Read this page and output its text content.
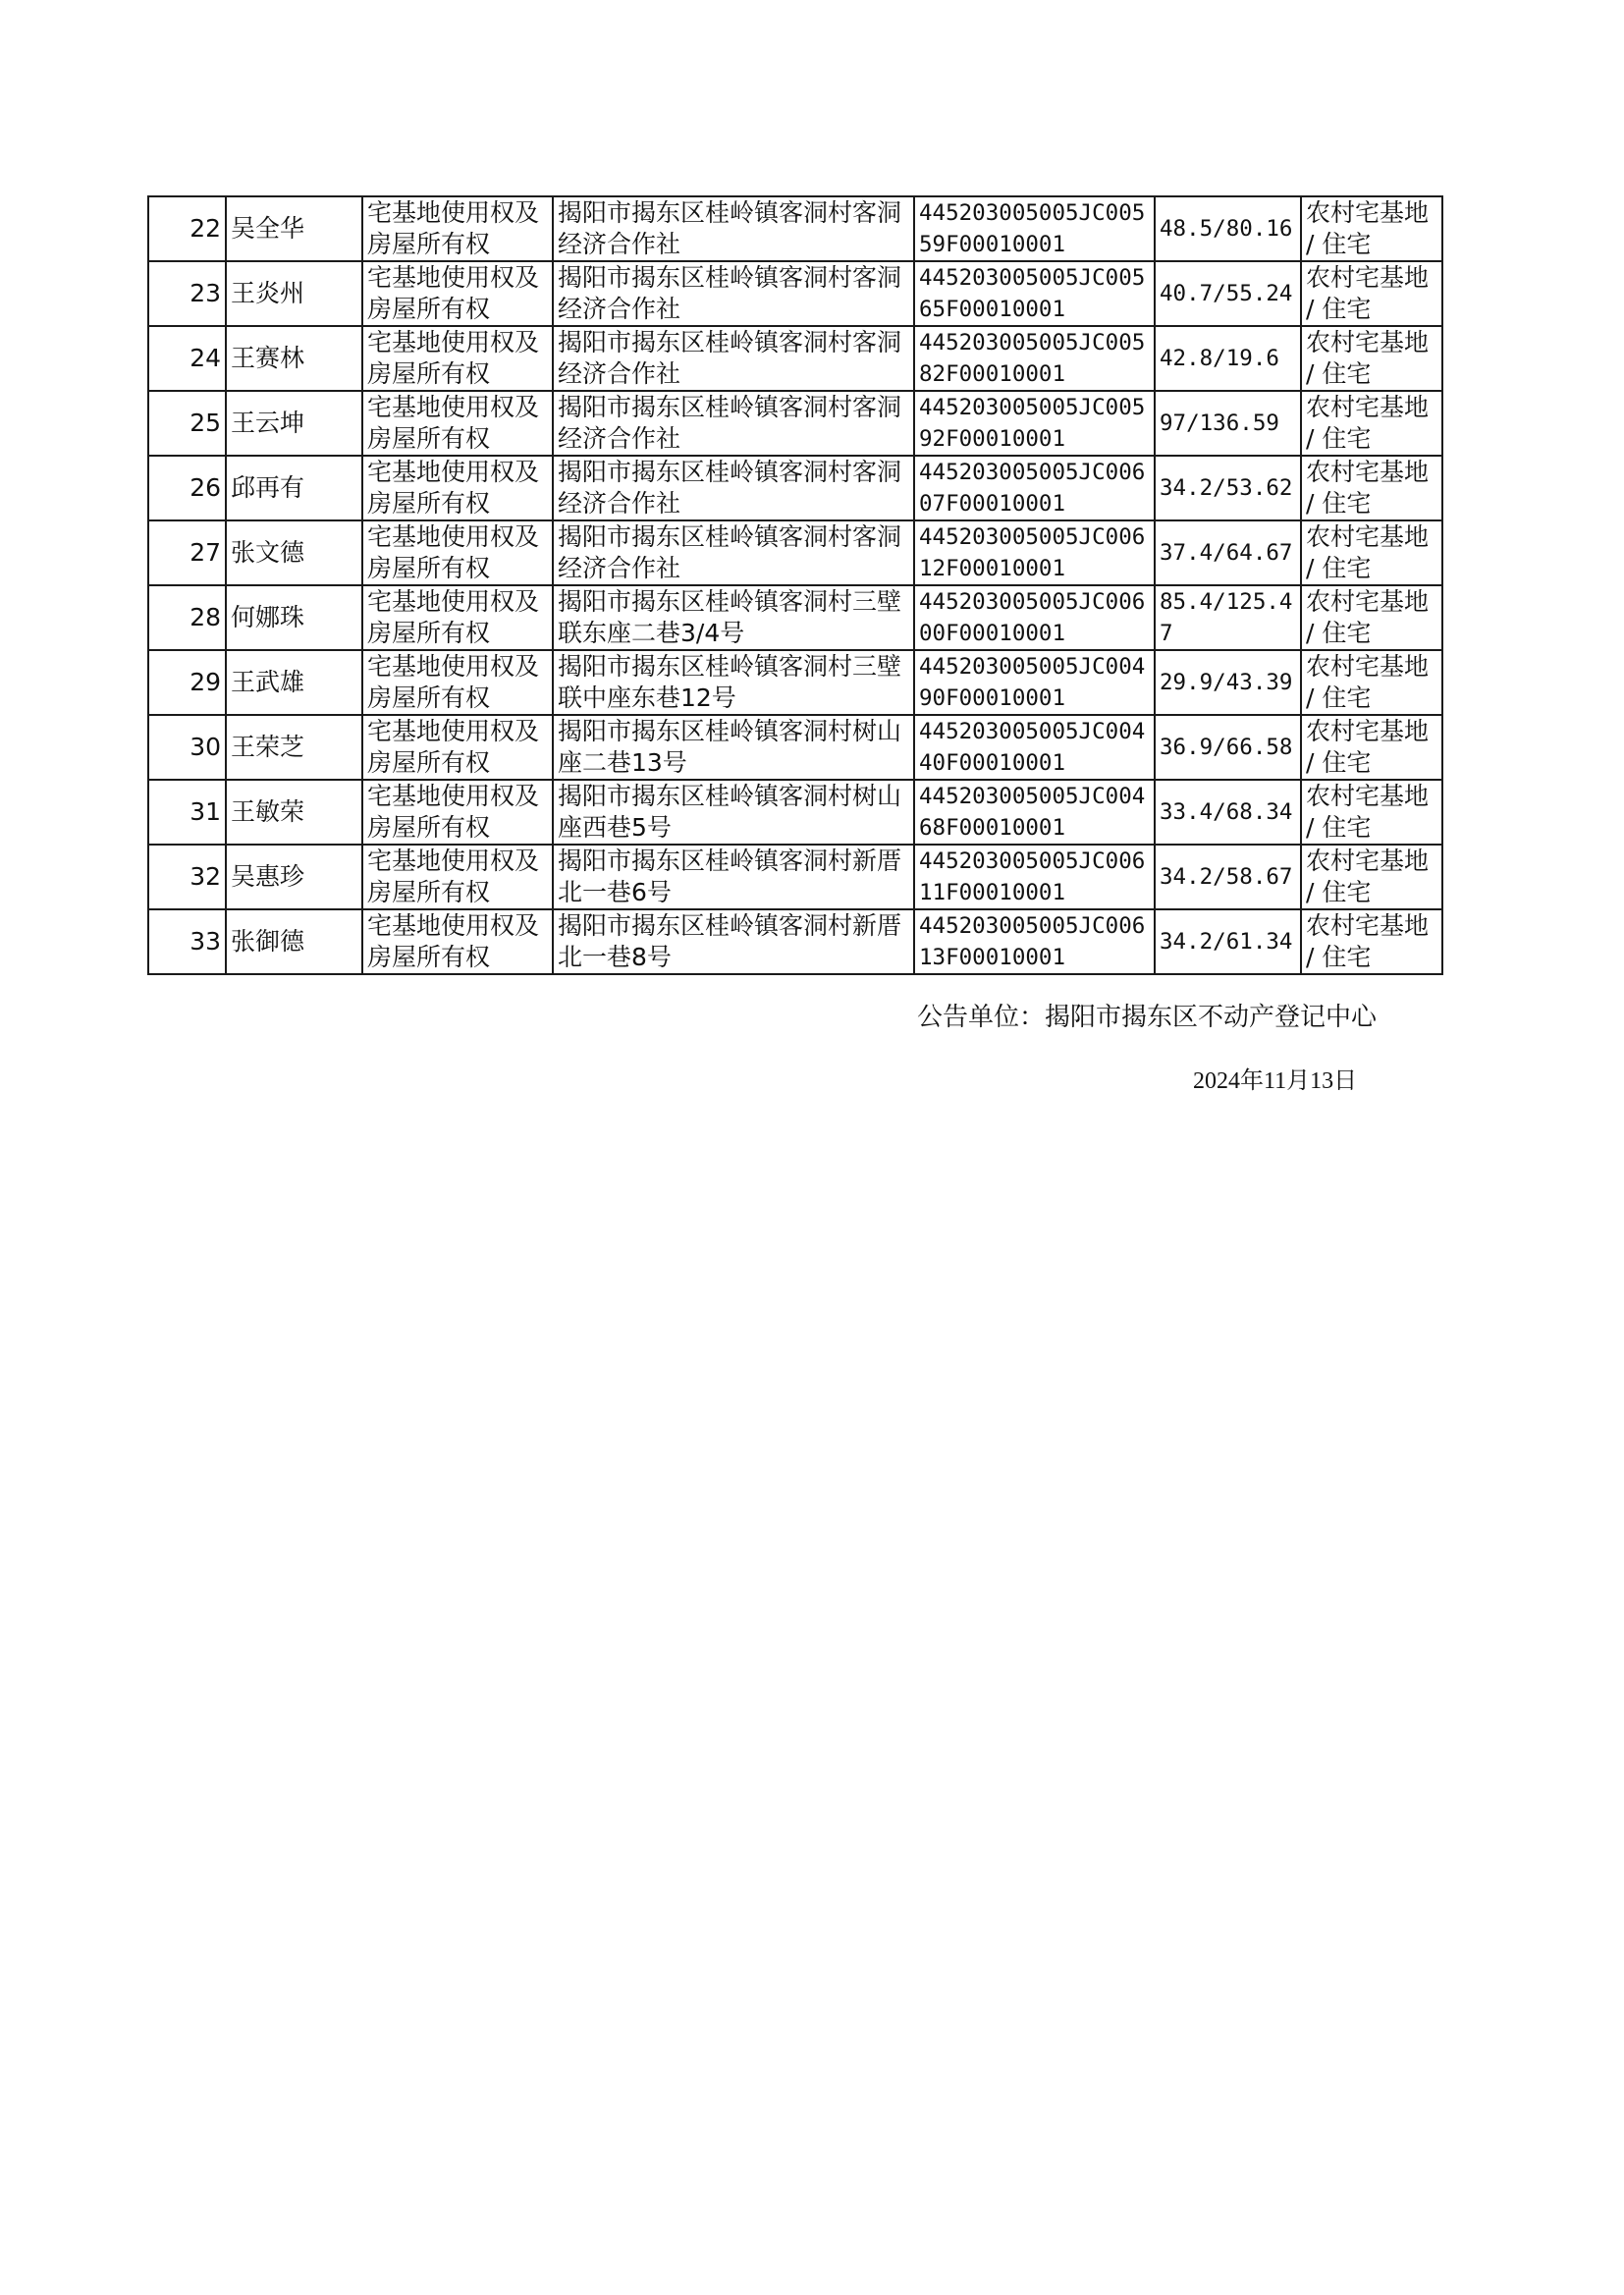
22	吴全华	宅基地使用权及房屋所有权	揭阳市揭东区桂岭镇客洞村客洞经济合作社	445203005005JC00559F00010001	48.5/80.16	农村宅基地 / 住宅

23	王炎州	宅基地使用权及房屋所有权	揭阳市揭东区桂岭镇客洞村客洞经济合作社	445203005005JC00565F00010001	40.7/55.24	农村宅基地 / 住宅

24	王赛林	宅基地使用权及房屋所有权	揭阳市揭东区桂岭镇客洞村客洞经济合作社	445203005005JC00582F00010001	42.8/19.6	农村宅基地 / 住宅

25	王云坤	宅基地使用权及房屋所有权	揭阳市揭东区桂岭镇客洞村客洞经济合作社	445203005005JC00592F00010001	97/136.59	农村宅基地 / 住宅

26	邱再有	宅基地使用权及房屋所有权	揭阳市揭东区桂岭镇客洞村客洞经济合作社	445203005005JC00607F00010001	34.2/53.62	农村宅基地 / 住宅

27	张文德	宅基地使用权及房屋所有权	揭阳市揭东区桂岭镇客洞村客洞经济合作社	445203005005JC00612F00010001	37.4/64.67	农村宅基地 / 住宅

28	何娜珠	宅基地使用权及房屋所有权	揭阳市揭东区桂岭镇客洞村三壁联东座二巷3/4号	445203005005JC00600F00010001	85.4/125.47	农村宅基地 / 住宅

29	王武雄	宅基地使用权及房屋所有权	揭阳市揭东区桂岭镇客洞村三壁联中座东巷12号	445203005005JC00490F00010001	29.9/43.39	农村宅基地 / 住宅

30	王荣芝	宅基地使用权及房屋所有权	揭阳市揭东区桂岭镇客洞村树山座二巷13号	445203005005JC00440F00010001	36.9/66.58	农村宅基地 / 住宅

31	王敏荣	宅基地使用权及房屋所有权	揭阳市揭东区桂岭镇客洞村树山座西巷5号	445203005005JC00468F00010001	33.4/68.34	农村宅基地 / 住宅

32	吴惠珍	宅基地使用权及房屋所有权	揭阳市揭东区桂岭镇客洞村新厝北一巷6号	445203005005JC00611F00010001	34.2/58.67	农村宅基地 / 住宅

33	张御德	宅基地使用权及房屋所有权	揭阳市揭东区桂岭镇客洞村新厝北一巷8号	445203005005JC00613F00010001	34.2/61.34	农村宅基地 / 住宅
公告单位：揭阳市揭东区不动产登记中心
2024年11月13日
